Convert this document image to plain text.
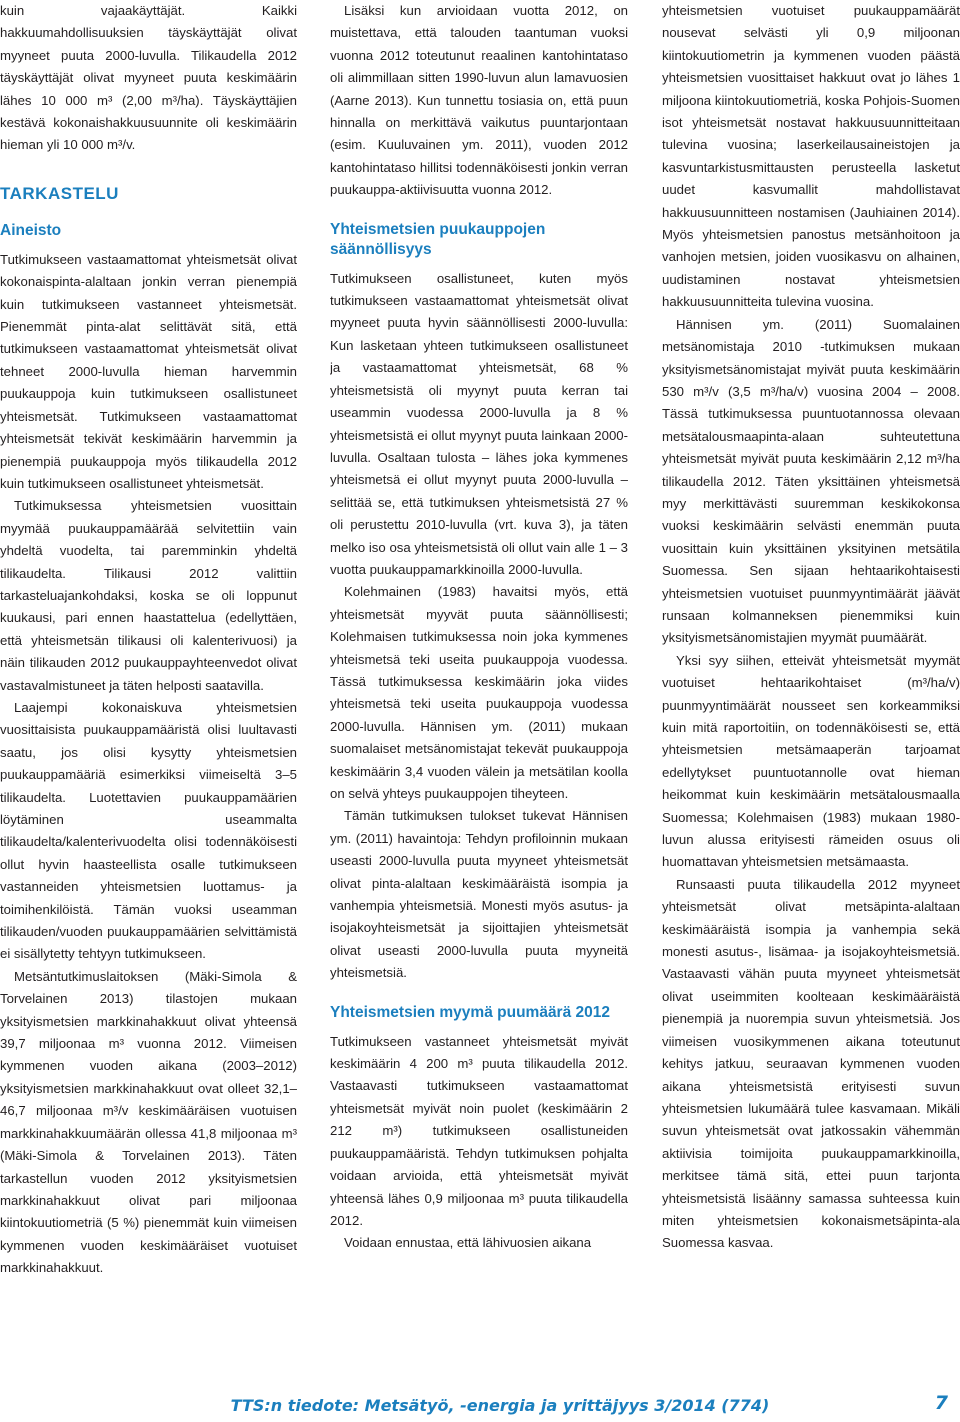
kuin vajaakäyttäjät. Kaikki hakkuumahdollisuuksien täyskäyttäjät olivat myyneet puuta 2000-luvulla. Tilikaudella 2012 täyskäyttäjät olivat myyneet puuta keskimäärin lähes 10 000 m³ (2,00 m³/ha). Täyskäyttäjien kestävä kokonaishakkuusuunnite oli keskimäärin hieman yli 10 000 m³/v.

TARKASTELU
Aineisto

Tutkimukseen vastaamattomat yhteismetsät olivat kokonaispinta-alaltaan jonkin verran pienempiä kuin tutkimukseen vastanneet yhteismetsät. Pienemmät pinta-alat selittävät sitä, että tutkimukseen vastaamattomat yhteismetsät olivat tehneet 2000-luvulla hieman harvemmin puukauppoja kuin tutkimukseen osallistuneet yhteismetsät. Tutkimukseen vastaamattomat yhteismetsät tekivät keskimäärin harvemmin ja pienempiä puukauppoja myös tilikaudella 2012 kuin tutkimukseen osallistuneet yhteismetsät.

Tutkimuksessa yhteismetsien vuosittain myymää puukauppamäärää selvitettiin vain yhdeltä vuodelta, tai paremminkin yhdeltä tilikaudelta. Tilikausi 2012 valittiin tarkasteluajankohdaksi, koska se oli loppunut kuukausi, pari ennen haastattelua (edellyttäen, että yhteismetsän tilikausi oli kalenterivuosi) ja näin tilikauden 2012 puukauppayhteenvedot olivat vastavalmistuneet ja täten helposti saatavilla.

Laajempi kokonaiskuva yhteismetsien vuosittaisista puukauppamääristä olisi luultavasti saatu, jos olisi kysytty yhteismetsien puukauppamääriä esimerkiksi viimeiseltä 3–5 tilikaudelta. Luotettavien puukauppamäärien löytäminen useammalta tilikaudelta/kalenterivuodelta olisi todennäköisesti ollut hyvin haasteellista osalle tutkimukseen vastanneiden yhteismetsien luottamus- ja toimihenkilöistä. Tämän vuoksi useamman tilikauden/vuoden puukauppamäärien selvittämistä ei sisällytetty tehtyyn tutkimukseen.

Metsäntutkimuslaitoksen (Mäki-Simola & Torvelainen 2013) tilastojen mukaan yksityismetsien markkinahakkuut olivat yhteensä 39,7 miljoonaa m³ vuonna 2012. Viimeisen kymmenen vuoden aikana (2003–2012) yksityismetsien markkinahakkuut ovat olleet 32,1–46,7 miljoonaa m³/v keskimääräisen vuotuisen markkinahakkuumäärän ollessa 41,8 miljoonaa m³ (Mäki-Simola & Torvelainen 2013). Täten tarkastellun vuoden 2012 yksityismetsien markkinahakkuut olivat pari miljoonaa kiintokuutiometriä (5 %) pienemmät kuin viimeisen kymmenen vuoden keskimääräiset vuotuiset markkinahakkuut.

Lisäksi kun arvioidaan vuotta 2012, on muistettava, että talouden taantuman vuoksi vuonna 2012 toteutunut reaalinen kantohintataso oli alimmillaan sitten 1990-luvun alun lamavuosien (Aarne 2013). Kun tunnettu tosiasia on, että puun hinnalla on merkittävä vaikutus puuntarjontaan (esim. Kuuluvainen ym. 2011), vuoden 2012 kantohintataso hillitsi todennäköisesti jonkin verran puukauppa-aktiivisuutta vuonna 2012.

Yhteismetsien puukauppojen säännöllisyys

Tutkimukseen osallistuneet, kuten myös tutkimukseen vastaamattomat yhteismetsät olivat myyneet puuta hyvin säännöllisesti 2000-luvulla: Kun lasketaan yhteen tutkimukseen osallistuneet ja vastaamattomat yhteismetsät, 68 % yhteismetsistä oli myynyt puuta kerran tai useammin vuodessa 2000-luvulla ja 8 % yhteismetsistä ei ollut myynyt puuta lainkaan 2000-luvulla. Osaltaan tulosta – lähes joka kymmenes yhteismetsä ei ollut myynyt puuta 2000-luvulla – selittää se, että tutkimuksen yhteismetsistä 27 % oli perustettu 2010-luvulla (vrt. kuva 3), ja täten melko iso osa yhteismetsistä oli ollut vain alle 1 – 3 vuotta puukauppamarkkinoilla 2000-luvulla.

Kolehmainen (1983) havaitsi myös, että yhteismetsät myyvät puuta säännöllisesti; Kolehmaisen tutkimuksessa noin joka kymmenes yhteismetsä teki useita puukauppoja vuodessa. Tässä tutkimuksessa keskimäärin joka viides yhteismetsä teki useita puukauppoja vuodessa 2000-luvulla. Hännisen ym. (2011) mukaan suomalaiset metsänomistajat tekevät puukauppoja keskimäärin 3,4 vuoden välein ja metsätilan koolla on selvä yhteys puukauppojen tiheyteen.

Tämän tutkimuksen tulokset tukevat Hännisen ym. (2011) havaintoja: Tehdyn profiloinnin mukaan useasti 2000-luvulla puuta myyneet yhteismetsät olivat pinta-alaltaan keskimääräistä isompia ja vanhempia yhteismetsiä. Monesti myös asutus- ja isojakoyhteismetsät ja sijoittajien yhteismetsät olivat useasti 2000-luvulla puuta myyneitä yhteismetsiä.

Yhteismetsien myymä puumäärä 2012

Tutkimukseen vastanneet yhteismetsät myivät keskimäärin 4 200 m³ puuta tilikaudella 2012. Vastaavasti tutkimukseen vastaamattomat yhteismetsät myivät noin puolet (keskimäärin 2 212 m³) tutkimukseen osallistuneiden puukauppamääristä. Tehdyn tutkimuksen pohjalta voidaan arvioida, että yhteismetsät myivät yhteensä lähes 0,9 miljoonaa m³ puuta tilikaudella 2012.

Voidaan ennustaa, että lähivuosien aikana

yhteismetsien vuotuiset puukauppamäärät nousevat selvästi yli 0,9 miljoonan kiintokuutiometrin ja kymmenen vuoden päästä yhteismetsien vuosittaiset hakkuut ovat jo lähes 1 miljoona kiintokuutiometriä, koska Pohjois-Suomen isot yhteismetsät nostavat hakkuusuunnitteitaan tulevina vuosina; laserkeilausaineistojen ja kasvuntarkistusmittausten perusteella lasketut uudet kasvumallit mahdollistavat hakkuusuunnitteen nostamisen (Jauhiainen 2014). Myös yhteismetsien panostus metsänhoitoon ja vanhojen metsien, joiden vuosikasvu on alhainen, uudistaminen nostavat yhteismetsien hakkuusuunnitteita tulevina vuosina.

Hännisen ym. (2011) Suomalainen metsänomistaja 2010 -tutkimuksen mukaan yksityismetsänomistajat myivät puuta keskimäärin 530 m³/v (3,5 m³/ha/v) vuosina 2004 – 2008. Tässä tutkimuksessa puuntuotannossa olevaan metsätalousmaapinta-alaan suhteutettuna yhteismetsät myivät puuta keskimäärin 2,12 m³/ha tilikaudella 2012. Täten yksittäinen yhteismetsä myy merkittävästi suuremman keskikokonsa vuoksi keskimäärin selvästi enemmän puuta vuosittain kuin yksittäinen yksityinen metsätila Suomessa. Sen sijaan hehtaarikohtaisesti yhteismetsien vuotuiset puunmyyntimäärät jäävät runsaan kolmanneksen pienemmiksi kuin yksityismetsänomistajien myymät puumäärät.

Yksi syy siihen, etteivät yhteismetsät myymät vuotuiset hehtaarikohtaiset (m³/ha/v) puunmyyntimäärät nousseet sen korkeammiksi kuin mitä raportoitiin, on todennäköisesti se, että yhteismetsien metsämaaperän tarjoamat edellytykset puuntuotannolle ovat hieman heikommat kuin keskimäärin metsätalousmaalla Suomessa; Kolehmaisen (1983) mukaan 1980-luvun alussa erityisesti rämeiden osuus oli huomattavan yhteismetsien metsämaasta.

Runsaasti puuta tilikaudella 2012 myyneet yhteismetsät olivat metsäpinta-alaltaan keskimääräistä isompia ja vanhempia sekä monesti asutus-, lisämaa- ja isojakoyhteismetsiä. Vastaavasti vähän puuta myyneet yhteismetsät olivat useimmiten koolteaan keskimääräistä pienempiä ja nuorempia suvun yhteismetsiä. Jos viimeisen vuosikymmenen aikana toteutunut kehitys jatkuu, seuraavan kymmenen vuoden aikana yhteismetsistä erityisesti suvun yhteismetsien lukumäärä tulee kasvamaan. Mikäli suvun yhteismetsät ovat jatkossakin vähemmän aktiivisia toimijoita puukauppamarkkinoilla, merkitsee tämä sitä, ettei puun tarjonta yhteismetsistä lisäänny samassa suhteessa kuin miten yhteismetsien kokonaismetsäpinta-ala Suomessa kasvaa.

TTS:n tiedote: Metsätyö, -energia ja yrittäjyys 3/2014 (774)	7
